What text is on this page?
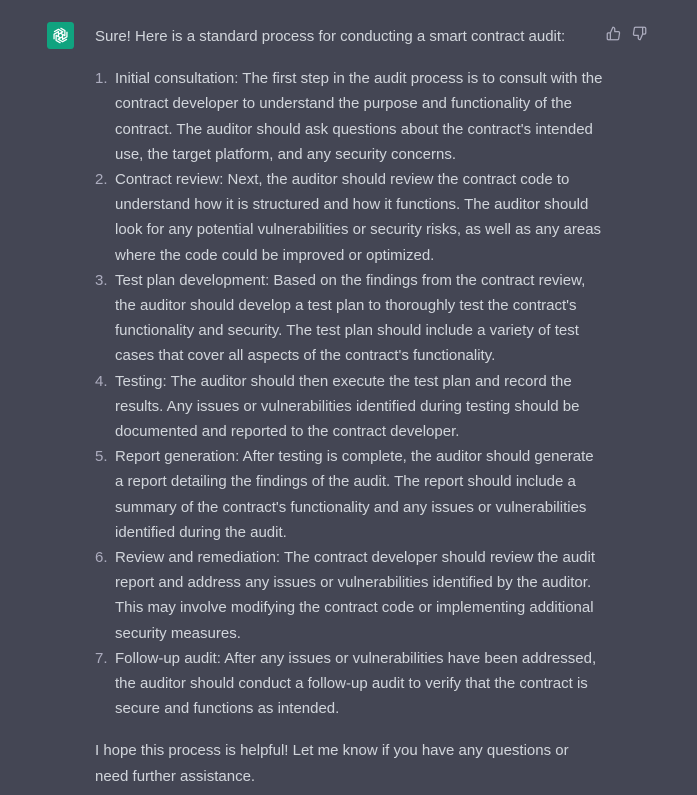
Sure! Here is a standard process for conducting a smart contract audit:

1. Initial consultation: The first step in the audit process is to consult with the contract developer to understand the purpose and functionality of the contract. The auditor should ask questions about the contract's intended use, the target platform, and any security concerns.
2. Contract review: Next, the auditor should review the contract code to understand how it is structured and how it functions. The auditor should look for any potential vulnerabilities or security risks, as well as any areas where the code could be improved or optimized.
3. Test plan development: Based on the findings from the contract review, the auditor should develop a test plan to thoroughly test the contract's functionality and security. The test plan should include a variety of test cases that cover all aspects of the contract's functionality.
4. Testing: The auditor should then execute the test plan and record the results. Any issues or vulnerabilities identified during testing should be documented and reported to the contract developer.
5. Report generation: After testing is complete, the auditor should generate a report detailing the findings of the audit. The report should include a summary of the contract's functionality and any issues or vulnerabilities identified during the audit.
6. Review and remediation: The contract developer should review the audit report and address any issues or vulnerabilities identified by the auditor. This may involve modifying the contract code or implementing additional security measures.
7. Follow-up audit: After any issues or vulnerabilities have been addressed, the auditor should conduct a follow-up audit to verify that the contract is secure and functions as intended.

I hope this process is helpful! Let me know if you have any questions or need further assistance.
